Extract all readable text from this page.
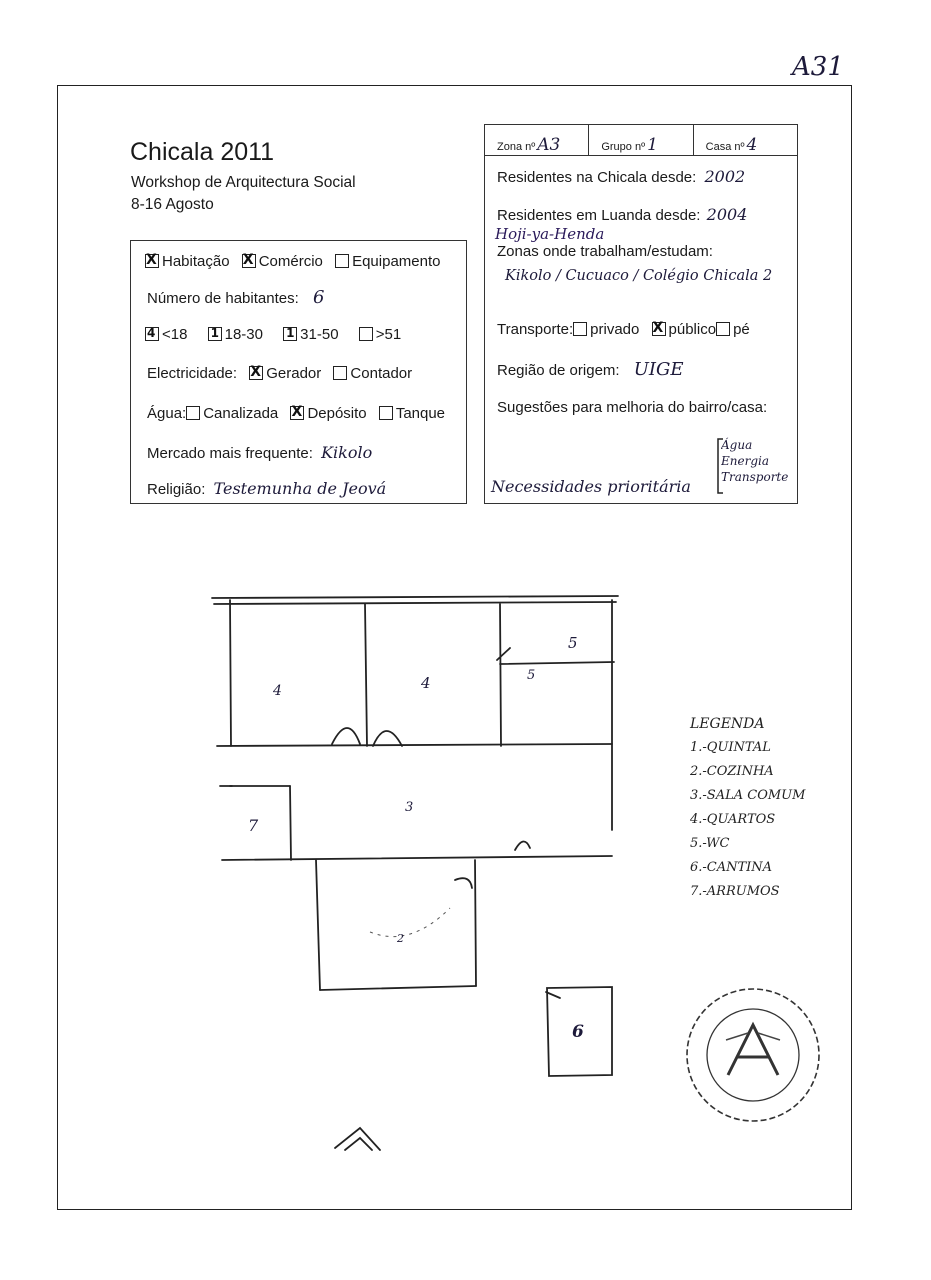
A31
Chicala 2011
Workshop de Arquitectura Social
8-16 Agosto
X Habitação X Comércio Equipamento
Número de habitantes: 6
4 <18 1 18-30 1 31-50 >51
Electricidade: X Gerador Contador
Água: Canalizada X Depósito Tanque
Mercado mais frequente: Kikolo
Religião: Testemunha de Jeová
Zona nº A3	Grupo nº 1	Casa nº 4
Residentes na Chicala desde: 2002
Residentes em Luanda desde: 2004
Hoji-ya-Henda
Zonas onde trabalham/estudam:
Kikolo / Cucuaco / Colégio Chicala 2
Transporte: privado X público pé
Região de origem: UIGE
Sugestões para melhoria do bairro/casa:
Necessidades prioritária
Água
Energia
Transporte
4	4
5
5
3
7
2
6
LEGENDA
1.-QUINTAL
2.-COZINHA
3.-SALA COMUM
4.-QUARTOS
5.-WC
6.-CANTINA
7.-ARRUMOS
